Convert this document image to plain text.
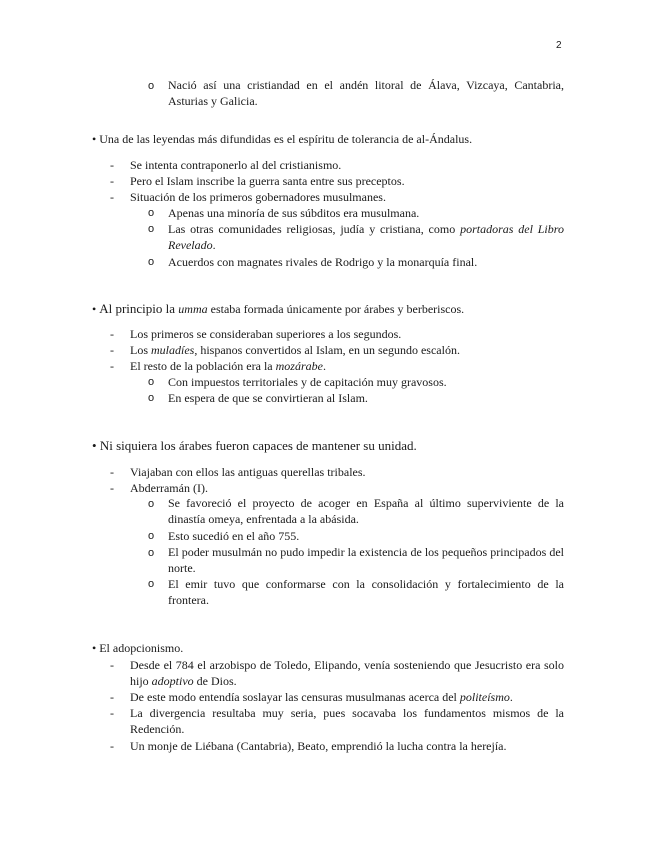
2
o Nació así una cristiandad en el andén litoral de Álava, Vizcaya, Cantabria, Asturias y Galicia.
• Una de las leyendas más difundidas es el espíritu de tolerancia de al-Ándalus.
- Se intenta contraponerlo al del cristianismo.
- Pero el Islam inscribe la guerra santa entre sus preceptos.
- Situación de los primeros gobernadores musulmanes.
o Apenas una minoría de sus súbditos era musulmana.
o Las otras comunidades religiosas, judía y cristiana, como portadoras del Libro Revelado.
o Acuerdos con magnates rivales de Rodrigo y la monarquía final.
• Al principio la umma estaba formada únicamente por árabes y berberiscos.
- Los primeros se consideraban superiores a los segundos.
- Los muladíes, hispanos convertidos al Islam, en un segundo escalón.
- El resto de la población era la mozárabe.
o Con impuestos territoriales y de capitación muy gravosos.
o En espera de que se convirtieran al Islam.
• Ni siquiera los árabes fueron capaces de mantener su unidad.
- Viajaban con ellos las antiguas querellas tribales.
- Abderramán (I).
o Se favoreció el proyecto de acoger en España al último superviviente de la dinastía omeya, enfrentada a la abásida.
o Esto sucedió en el año 755.
o El poder musulmán no pudo impedir la existencia de los pequeños principados del norte.
o El emir tuvo que conformarse con la consolidación y fortalecimiento de la frontera.
• El adopcionismo.
- Desde el 784 el arzobispo de Toledo, Elipando, venía sosteniendo que Jesucristo era solo hijo adoptivo de Dios.
- De este modo entendía soslayar las censuras musulmanas acerca del politeísmo.
- La divergencia resultaba muy seria, pues socavaba los fundamentos mismos de la Redención.
- Un monje de Liébana (Cantabria), Beato, emprendió la lucha contra la herejía.
